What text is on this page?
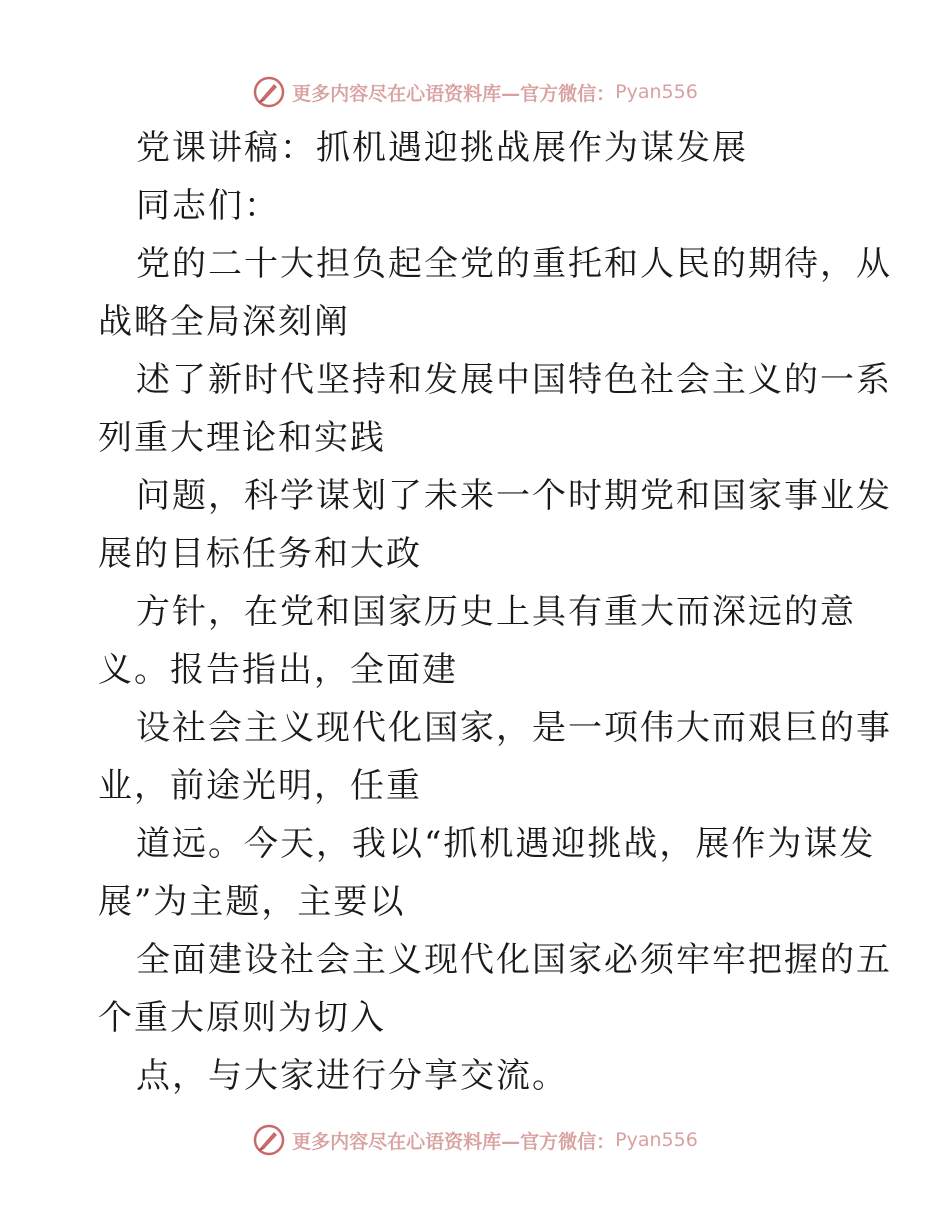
更多内容尽在心语资料库—官方微信： Pyan556
党课讲稿：抓机遇迎挑战展作为谋发展
同志们：
党的二十大担负起全党的重托和人民的期待，从
战略全局深刻阐
述了新时代坚持和发展中国特色社会主义的一系
列重大理论和实践
问题，科学谋划了未来一个时期党和国家事业发
展的目标任务和大政
方针，在党和国家历史上具有重大而深远的意
义。报告指出，全面建
设社会主义现代化国家，是一项伟大而艰巨的事
业，前途光明，任重
道远。今天，我以“抓机遇迎挑战，展作为谋发
展”为主题，主要以
全面建设社会主义现代化国家必须牢牢把握的五
个重大原则为切入
点，与大家进行分享交流。
更多内容尽在心语资料库—官方微信： Pyan556
